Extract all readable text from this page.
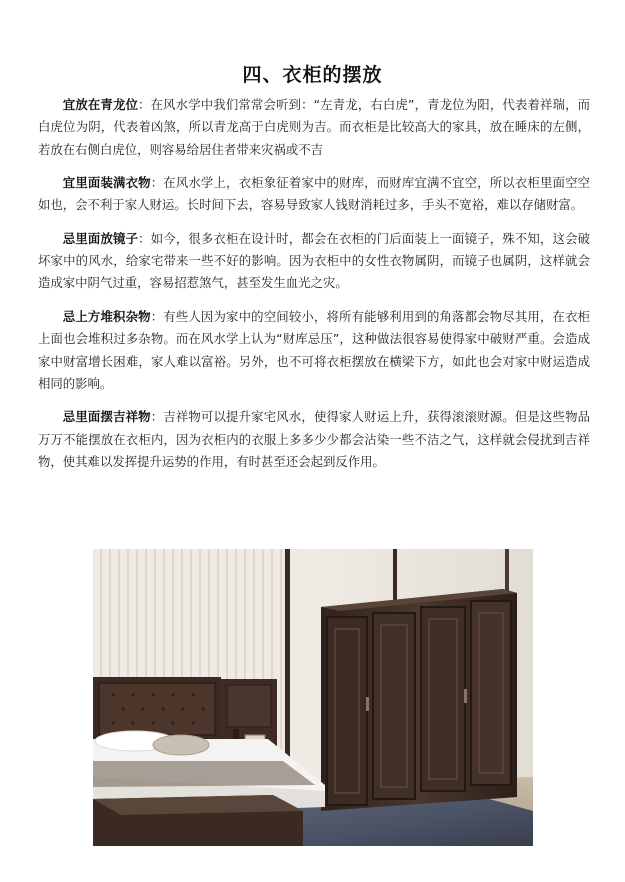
四、衣柜的摆放

宜放在青龙位：在风水学中我们常常会听到：“左青龙，右白虎”，青龙位为阳，代表着祥瑞，而白虎位为阴，代表着凶煞，所以青龙高于白虎则为吉。而衣柜是比较高大的家具，放在睡床的左侧，若放在右侧白虎位，则容易给居住者带来灾祸或不吉

宜里面装满衣物：在风水学上，衣柜象征着家中的财库，而财库宜满不宜空，所以衣柜里面空空如也，会不利于家人财运。长时间下去，容易导致家人钱财消耗过多，手头不宽裕，难以存储财富。

忌里面放镜子：如今，很多衣柜在设计时，都会在衣柜的门后面装上一面镜子，殊不知，这会破坏家中的风水，给家宅带来一些不好的影响。因为衣柜中的女性衣物属阴，而镜子也属阴，这样就会造成家中阴气过重，容易招惹煞气，甚至发生血光之灾。

忌上方堆积杂物：有些人因为家中的空间较小，将所有能够利用到的角落都会物尽其用，在衣柜上面也会堆积过多杂物。而在风水学上认为“财库忌压”，这种做法很容易使得家中破财严重。会造成家中财富增长困难，家人难以富裕。另外，也不可将衣柜摆放在横梁下方，如此也会对家中财运造成相同的影响。

忌里面摆吉祥物：吉祥物可以提升家宅风水，使得家人财运上升，获得滚滚财源。但是这些物品万万不能摆放在衣柜内，因为衣柜内的衣服上多多少少都会沾染一些不洁之气，这样就会侵扰到吉祥物，使其难以发挥提升运势的作用，有时甚至还会起到反作用。
